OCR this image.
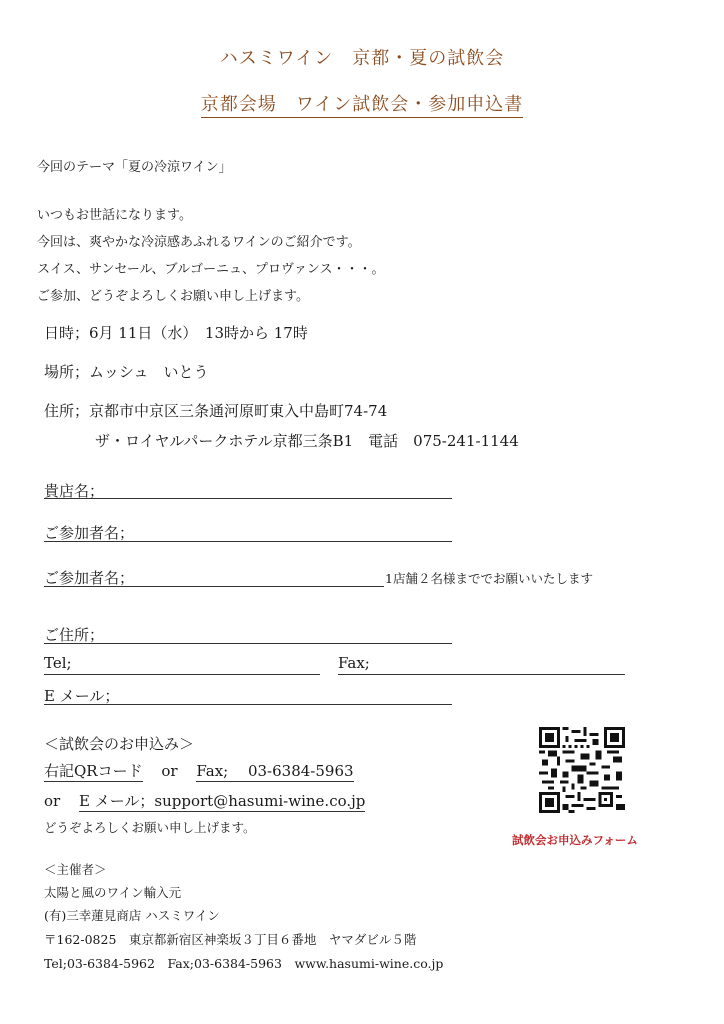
ハスミワイン　京都・夏の試飲会
京都会場　ワイン試飲会・参加申込書
今回のテーマ「夏の冷涼ワイン」
いつもお世話になります。
今回は、爽やかな冷涼感あふれるワインのご紹介です。
スイス、サンセール、ブルゴーニュ、プロヴァンス・・・。
ご参加、どうぞよろしくお願い申し上げます。
日時；6月 11日（水）　13時から 17時
場所；ムッシュ　いとう
住所；京都市中京区三条通河原町東入中島町74-74
ザ・ロイヤルパークホテル京都三条B1　電話　075-241-1144
貴店名；
ご参加者名；
ご参加者名；	1店舗２名様まででお願いいたします
ご住所；
Tel;	Fax;
E メール；
＜試飲会のお申込み＞
右記QRコード or Fax;　 03-6384-5963
or E メール；support@hasumi-wine.co.jp
どうぞよろしくお願い申し上げます。
試飲会お申込みフォーム
＜主催者＞
太陽と風のワイン輸入元
(有)三幸蓮見商店 ハスミワイン
〒162-0825　東京都新宿区神楽坂３丁目６番地　ヤマダビル５階
Tel;03-6384-5962　Fax;03-6384-5963　www.hasumi-wine.co.jp
